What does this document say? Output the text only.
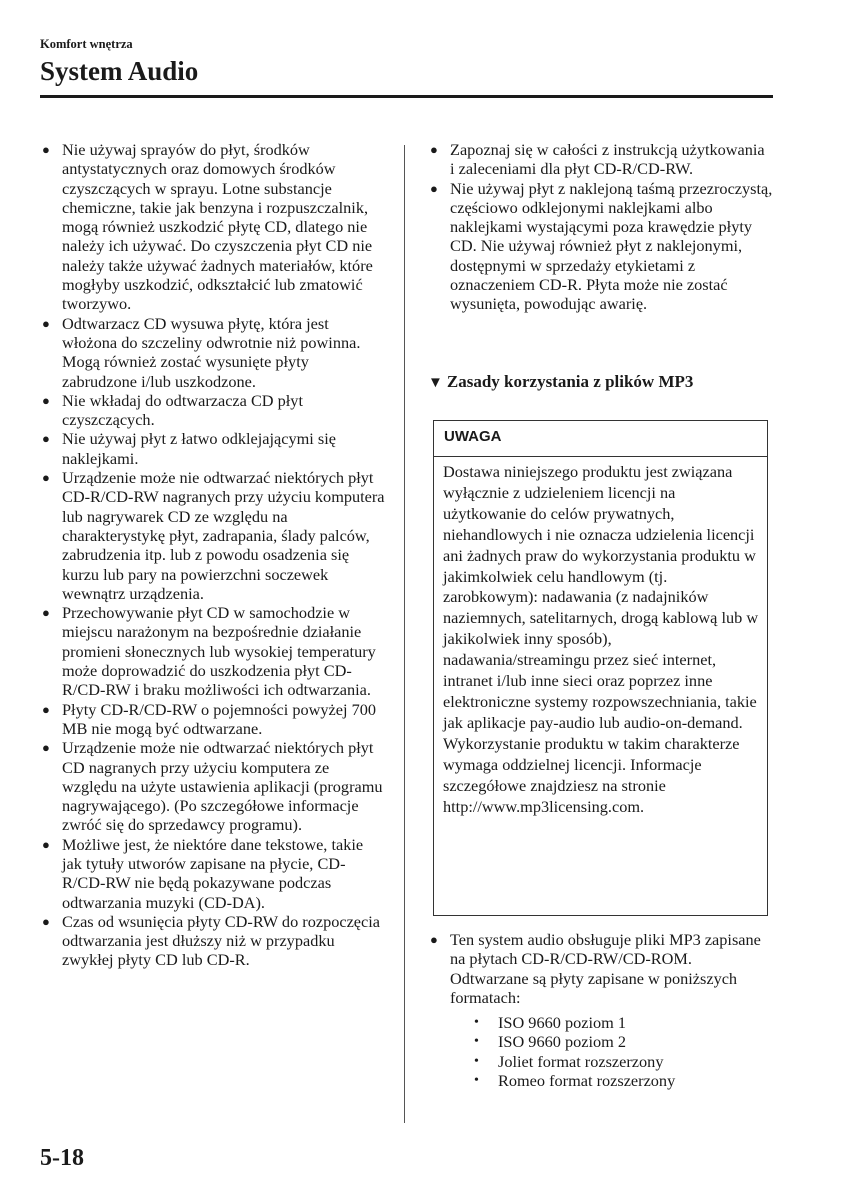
Komfort wnętrza
System Audio
● Nie używaj sprayów do płyt, środków antystatycznych oraz domowych środków czyszczących w sprayu. Lotne substancje chemiczne, takie jak benzyna i rozpuszczalnik, mogą również uszkodzić płytę CD, dlatego nie należy ich używać. Do czyszczenia płyt CD nie należy także używać żadnych materiałów, które mogłyby uszkodzić, odkształcić lub zmatowić tworzywo.
● Odtwarzacz CD wysuwa płytę, która jest włożona do szczeliny odwrotnie niż powinna. Mogą również zostać wysunięte płyty zabrudzone i/lub uszkodzone.
● Nie wkładaj do odtwarzacza CD płyt czyszczących.
● Nie używaj płyt z łatwo odklejającymi się naklejkami.
● Urządzenie może nie odtwarzać niektórych płyt CD-R/CD-RW nagranych przy użyciu komputera lub nagrywarek CD ze względu na charakterystykę płyt, zadrapania, ślady palców, zabrudzenia itp. lub z powodu osadzenia się kurzu lub pary na powierzchni soczewek wewnątrz urządzenia.
● Przechowywanie płyt CD w samochodzie w miejscu narażonym na bezpośrednie działanie promieni słonecznych lub wysokiej temperatury może doprowadzić do uszkodzenia płyt CD-R/CD-RW i braku możliwości ich odtwarzania.
● Płyty CD-R/CD-RW o pojemności powyżej 700 MB nie mogą być odtwarzane.
● Urządzenie może nie odtwarzać niektórych płyt CD nagranych przy użyciu komputera ze względu na użyte ustawienia aplikacji (programu nagrywającego). (Po szczegółowe informacje zwróć się do sprzedawcy programu).
● Możliwe jest, że niektóre dane tekstowe, takie jak tytuły utworów zapisane na płycie, CD-R/CD-RW nie będą pokazywane podczas odtwarzania muzyki (CD-DA).
● Czas od wsunięcia płyty CD-RW do rozpoczęcia odtwarzania jest dłuższy niż w przypadku zwykłej płyty CD lub CD-R.
● Zapoznaj się w całości z instrukcją użytkowania i zaleceniami dla płyt CD-R/CD-RW.
● Nie używaj płyt z naklejoną taśmą przezroczystą, częściowo odklejonymi naklejkami albo naklejkami wystającymi poza krawędzie płyty CD. Nie używaj również płyt z naklejonymi, dostępnymi w sprzedaży etykietami z oznaczeniem CD-R. Płyta może nie zostać wysunięta, powodując awarię.
▼ Zasady korzystania z plików MP3
UWAGA
Dostawa niniejszego produktu jest związana wyłącznie z udzieleniem licencji na użytkowanie do celów prywatnych, niehandlowych i nie oznacza udzielenia licencji ani żadnych praw do wykorzystania produktu w jakimkolwiek celu handlowym (tj. zarobkowym): nadawania (z nadajników naziemnych, satelitarnych, drogą kablową lub w jakikolwiek inny sposób), nadawania/streamingu przez sieć internet, intranet i/lub inne sieci oraz poprzez inne elektroniczne systemy rozpowszechniania, takie jak aplikacje pay-audio lub audio-on-demand. Wykorzystanie produktu w takim charakterze wymaga oddzielnej licencji. Informacje szczegółowe znajdziesz na stronie http://www.mp3licensing.com.
● Ten system audio obsługuje pliki MP3 zapisane na płytach CD-R/CD-RW/CD-ROM. Odtwarzane są płyty zapisane w poniższych formatach:
• ISO 9660 poziom 1
• ISO 9660 poziom 2
• Joliet format rozszerzony
• Romeo format rozszerzony
5-18
